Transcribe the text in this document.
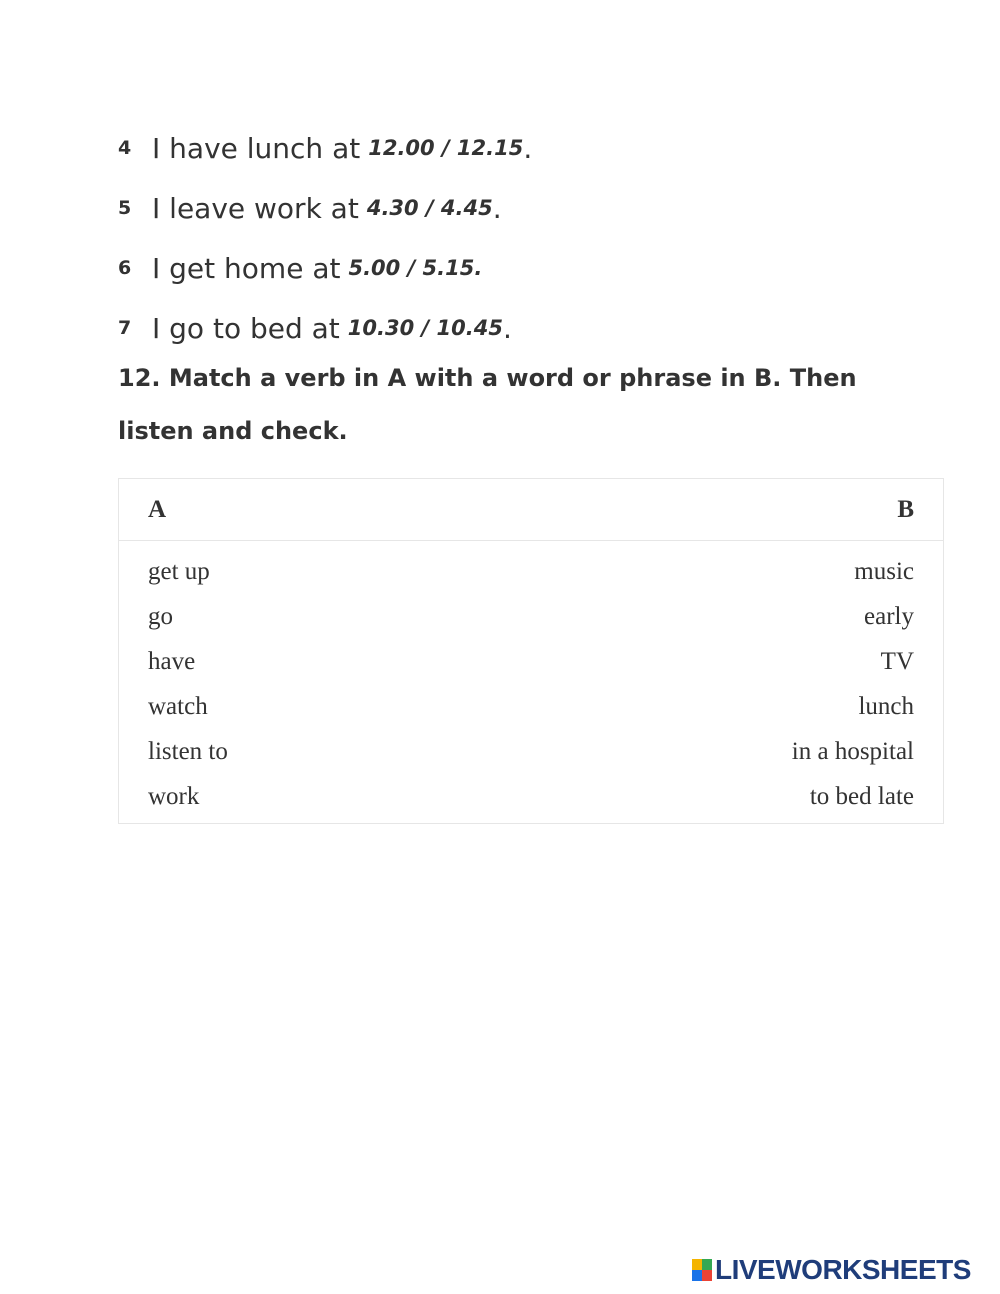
4 I have lunch at 12.00 / 12.15 .
5 I leave work at 4.30 / 4.45 .
6 I get home at 5.00 / 5.15.
7 I go to bed at 10.30 / 10.45 .
12. Match a verb in A with a word or phrase in B. Then
listen and check.
A	B
get up	music
go	early
have	TV
watch	lunch
listen to	in a hospital
work	to bed late
LIVEWORKSHEETS
